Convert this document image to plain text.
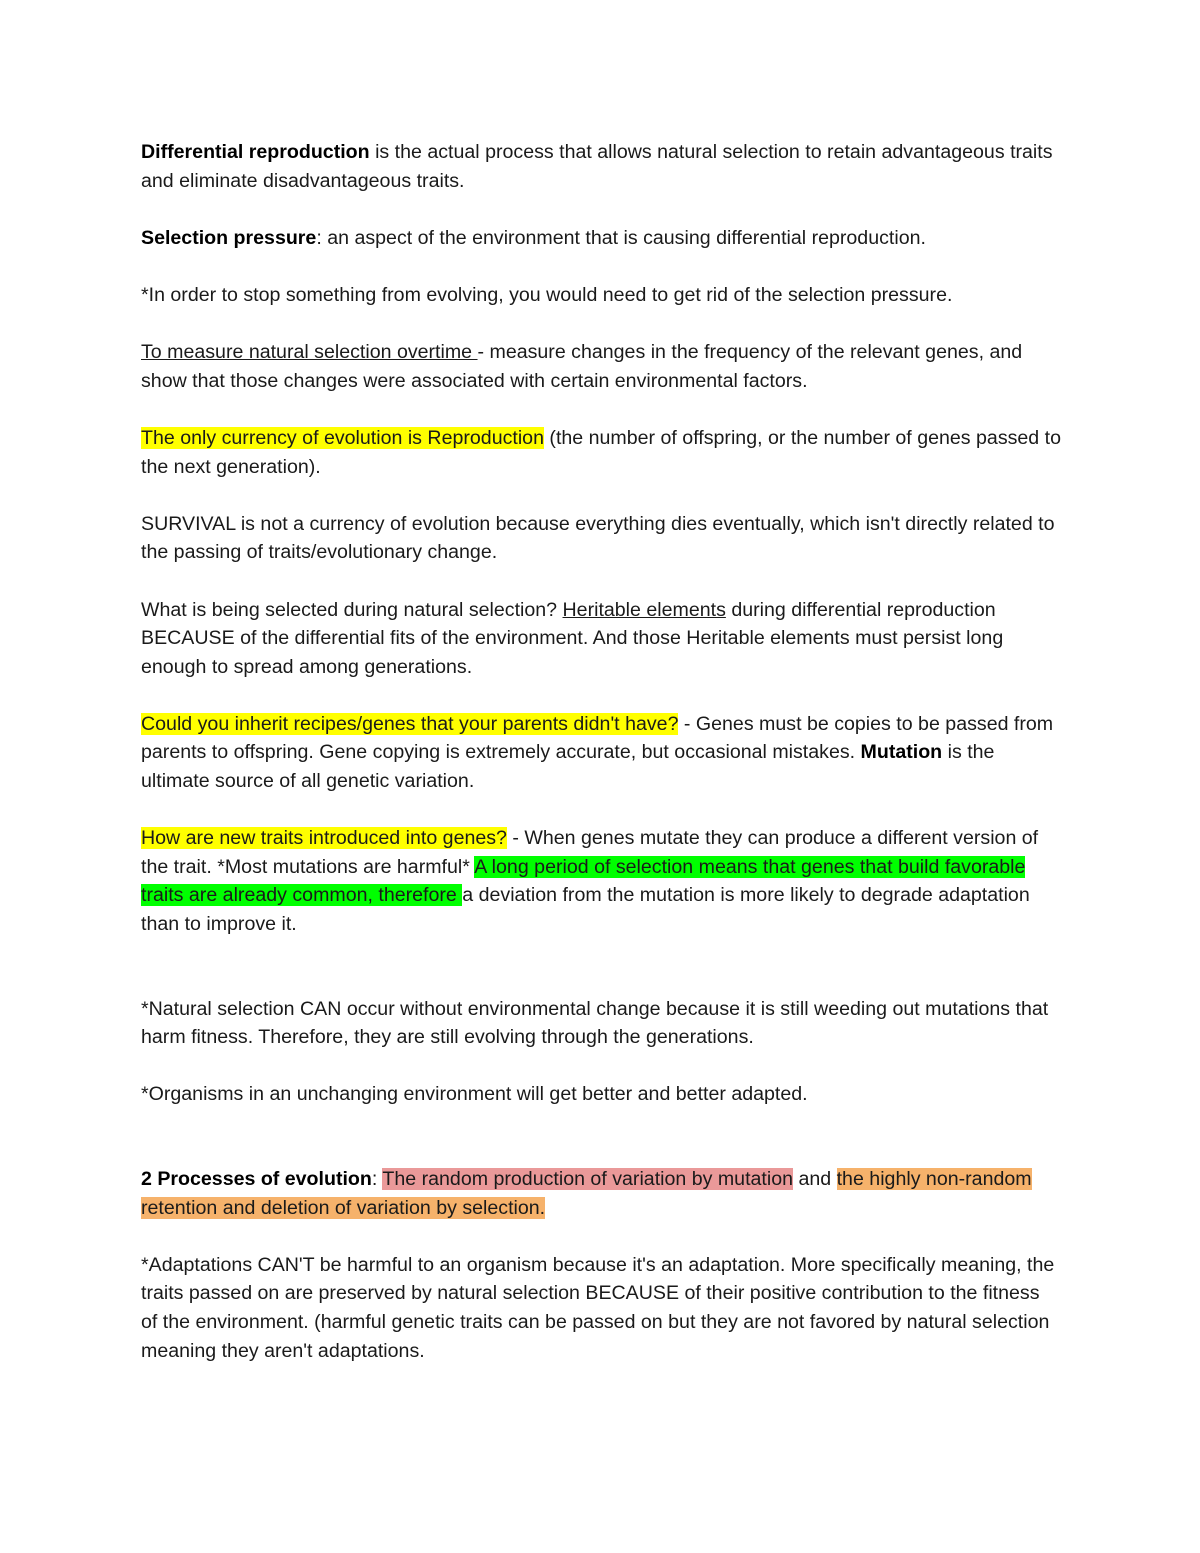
Differential reproduction is the actual process that allows natural selection to retain advantageous traits and eliminate disadvantageous traits.

Selection pressure: an aspect of the environment that is causing differential reproduction.

*In order to stop something from evolving, you would need to get rid of the selection pressure.

To measure natural selection overtime - measure changes in the frequency of the relevant genes, and show that those changes were associated with certain environmental factors.

The only currency of evolution is Reproduction (the number of offspring, or the number of genes passed to the next generation).

SURVIVAL is not a currency of evolution because everything dies eventually, which isn't directly related to the passing of traits/evolutionary change.

What is being selected during natural selection? Heritable elements during differential reproduction BECAUSE of the differential fits of the environment. And those Heritable elements must persist long enough to spread among generations.

Could you inherit recipes/genes that your parents didn't have? - Genes must be copies to be passed from parents to offspring. Gene copying is extremely accurate, but occasional mistakes. Mutation is the ultimate source of all genetic variation.

How are new traits introduced into genes? - When genes mutate they can produce a different version of the trait. *Most mutations are harmful* A long period of selection means that genes that build favorable traits are already common, therefore a deviation from the mutation is more likely to degrade adaptation than to improve it.

*Natural selection CAN occur without environmental change because it is still weeding out mutations that harm fitness. Therefore, they are still evolving through the generations.

*Organisms in an unchanging environment will get better and better adapted.

2 Processes of evolution: The random production of variation by mutation and the highly non-random retention and deletion of variation by selection.

*Adaptations CAN'T be harmful to an organism because it's an adaptation. More specifically meaning, the traits passed on are preserved by natural selection BECAUSE of their positive contribution to the fitness of the environment. (harmful genetic traits can be passed on but they are not favored by natural selection meaning they aren't adaptations.
